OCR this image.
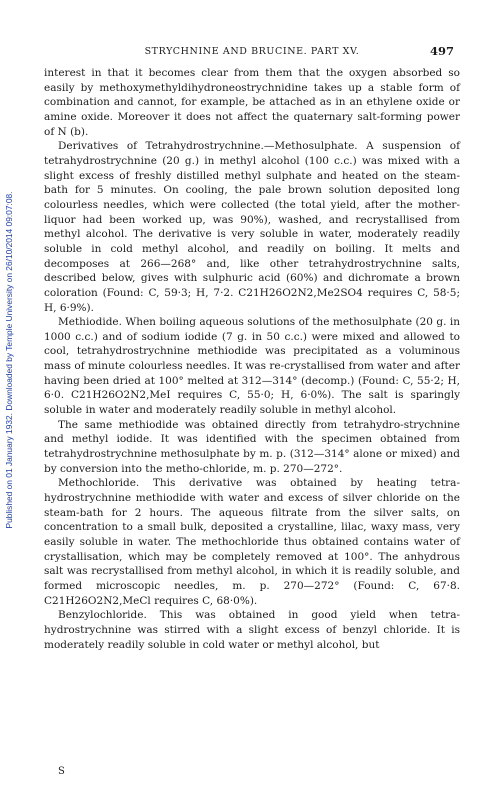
STRYCHNINE AND BRUCINE. PART XV.	497
Published on 01 January 1932. Downloaded by Temple University on 26/10/2014 09:07:08.

interest in that it becomes clear from them that the oxygen absorbed so easily by methoxymethyldihydroneostrychnidine takes up a stable form of combination and cannot, for example, be attached as in an ethylene oxide or amine oxide. Moreover it does not affect the quaternary salt-forming power of N (b).

Derivatives of Tetrahydrostrychnine.—Methosulphate. A suspension of tetrahydrostrychnine (20 g.) in methyl alcohol (100 c.c.) was mixed with a slight excess of freshly distilled methyl sulphate and heated on the steam-bath for 5 minutes. On cooling, the pale brown solution deposited long colourless needles, which were collected (the total yield, after the mother-liquor had been worked up, was 90%), washed, and recrystallised from methyl alcohol. The derivative is very soluble in water, moderately readily soluble in cold methyl alcohol, and readily on boiling. It melts and decomposes at 266—268° and, like other tetrahydrostrychnine salts, described below, gives with sulphuric acid (60%) and dichromate a brown coloration (Found: C, 59·3; H, 7·2. C21H26O2N2,Me2SO4 requires C, 58·5; H, 6·9%).

Methiodide. When boiling aqueous solutions of the methosulphate (20 g. in 1000 c.c.) and of sodium iodide (7 g. in 50 c.c.) were mixed and allowed to cool, tetrahydrostrychnine methiodide was precipitated as a voluminous mass of minute colourless needles. It was re-crystallised from water and after having been dried at 100° melted at 312—314° (decomp.) (Found: C, 55·2; H, 6·0. C21H26O2N2,MeI requires C, 55·0; H, 6·0%). The salt is sparingly soluble in water and moderately readily soluble in methyl alcohol.

The same methiodide was obtained directly from tetrahydro-strychnine and methyl iodide. It was identified with the specimen obtained from tetrahydrostrychnine methosulphate by m. p. (312—314° alone or mixed) and by conversion into the metho-chloride, m. p. 270—272°.

Methochloride. This derivative was obtained by heating tetra-hydrostrychnine methiodide with water and excess of silver chloride on the steam-bath for 2 hours. The aqueous filtrate from the silver salts, on concentration to a small bulk, deposited a crystalline, lilac, waxy mass, very easily soluble in water. The methochloride thus obtained contains water of crystallisation, which may be completely removed at 100°. The anhydrous salt was recrystallised from methyl alcohol, in which it is readily soluble, and formed microscopic needles, m. p. 270—272° (Found: C, 67·8. C21H26O2N2,MeCl requires C, 68·0%).

Benzylochloride. This was obtained in good yield when tetra-hydrostrychnine was stirred with a slight excess of benzyl chloride. It is moderately readily soluble in cold water or methyl alcohol, but

S
